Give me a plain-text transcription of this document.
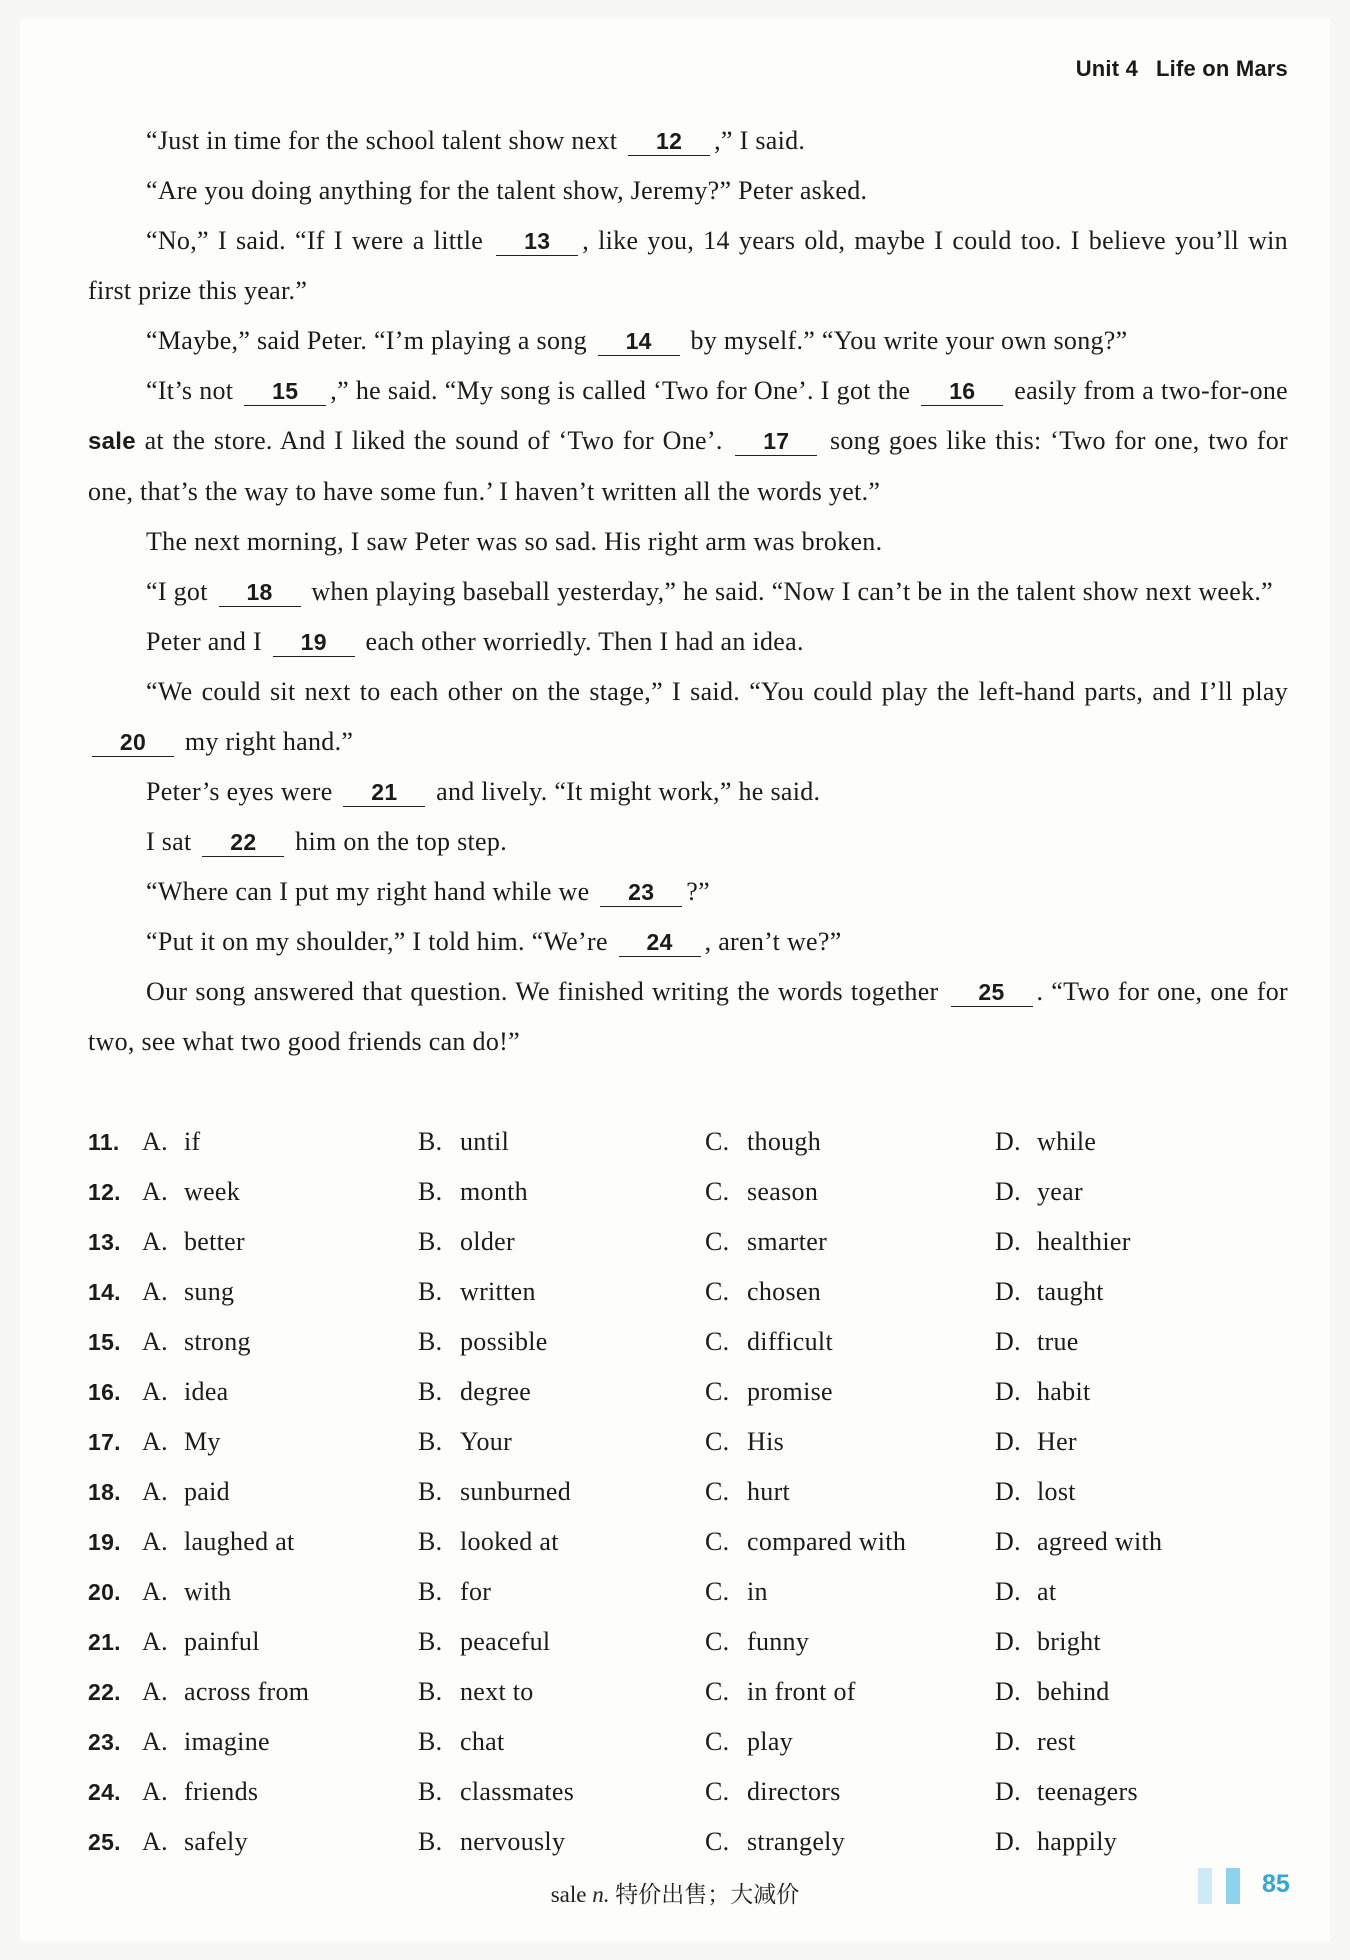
Unit 4 Life on Mars

“Just in time for the school talent show next 12 ,” I said.

“Are you doing anything for the talent show, Jeremy?” Peter asked.

“No,” I said. “If I were a little 13 , like you, 14 years old, maybe I could too. I believe you’ll win first prize this year.”

“Maybe,” said Peter. “I’m playing a song 14 by myself.” “You write your own song?”

“It’s not 15 ,” he said. “My song is called ‘Two for One’. I got the 16 easily from a two-for-one sale at the store. And I liked the sound of ‘Two for One’. 17 song goes like this: ‘Two for one, two for one, that’s the way to have some fun.’ I haven’t written all the words yet.”

The next morning, I saw Peter was so sad. His right arm was broken.

“I got 18 when playing baseball yesterday,” he said. “Now I can’t be in the talent show next week.”

Peter and I 19 each other worriedly. Then I had an idea.

“We could sit next to each other on the stage,” I said. “You could play the left-hand parts, and I’ll play 20 my right hand.”

Peter’s eyes were 21 and lively. “It might work,” he said.

I sat 22 him on the top step.

“Where can I put my right hand while we 23 ?”

“Put it on my shoulder,” I told him. “We’re 24 , aren’t we?”

Our song answered that question. We finished writing the words together 25 . “Two for one, one for two, see what two good friends can do!”

11. A. if	B. until	C. though	D. while
12. A. week	B. month	C. season	D. year
13. A. better	B. older	C. smarter	D. healthier
14. A. sung	B. written	C. chosen	D. taught
15. A. strong	B. possible	C. difficult	D. true
16. A. idea	B. degree	C. promise	D. habit
17. A. My	B. Your	C. His	D. Her
18. A. paid	B. sunburned	C. hurt	D. lost
19. A. laughed at	B. looked at	C. compared with	D. agreed with
20. A. with	B. for	C. in	D. at
21. A. painful	B. peaceful	C. funny	D. bright
22. A. across from	B. next to	C. in front of	D. behind
23. A. imagine	B. chat	C. play	D. rest
24. A. friends	B. classmates	C. directors	D. teenagers
25. A. safely	B. nervously	C. strangely	D. happily
sale n. 特价出售；大减价	85
